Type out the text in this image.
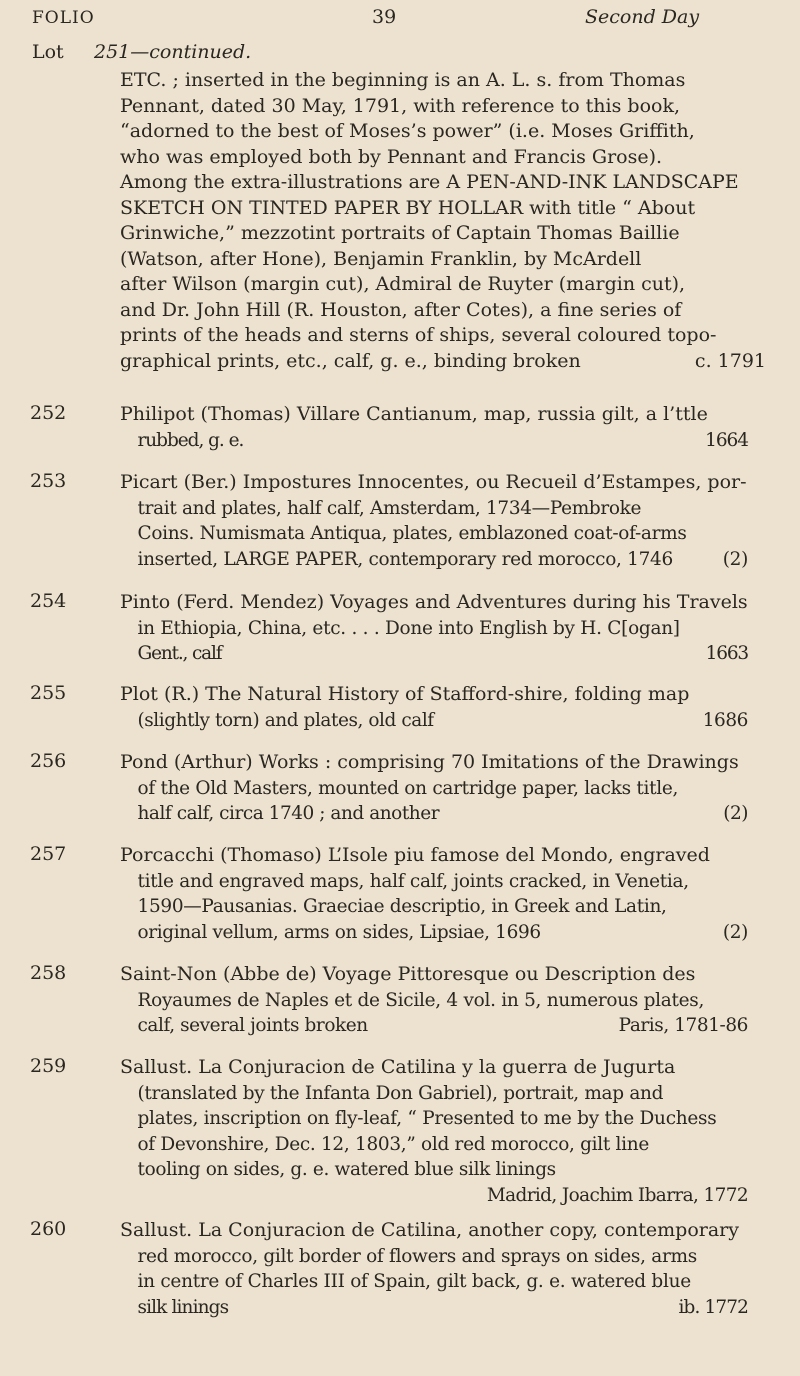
FOLIO	39	Second Day
Lot 251—continued.
ETC. ; inserted in the beginning is an A. L. s. from Thomas
Pennant, dated 30 May, 1791, with reference to this book,
“adorned to the best of Moses’s power” (i.e. Moses Griffith,
who was employed both by Pennant and Francis Grose).
Among the extra-illustrations are A PEN-AND-INK LANDSCAPE
SKETCH ON TINTED PAPER BY HOLLAR with title “ About
Grinwiche,” mezzotint portraits of Captain Thomas Baillie
(Watson, after Hone), Benjamin Franklin, by McArdell
after Wilson (margin cut), Admiral de Ruyter (margin cut),
and Dr. John Hill (R. Houston, after Cotes), a fine series of
prints of the heads and sterns of ships, several coloured topo-
graphical prints, etc., calf, g. e., binding broken	c. 1791
252	Philipot (Thomas) Villare Cantianum, map, russia gilt, a l’ttle
rubbed, g. e.	1664
253	Picart (Ber.) Impostures Innocentes, ou Recueil d’Estampes, por-
trait and plates, half calf, Amsterdam, 1734—Pembroke
Coins. Numismata Antiqua, plates, emblazoned coat-of-arms
inserted, LARGE PAPER, contemporary red morocco, 1746	(2)
254	Pinto (Ferd. Mendez) Voyages and Adventures during his Travels
in Ethiopia, China, etc. . . . Done into English by H. C[ogan]
Gent., calf	1663
255	Plot (R.) The Natural History of Stafford-shire, folding map
(slightly torn) and plates, old calf	1686
256	Pond (Arthur) Works : comprising 70 Imitations of the Drawings
of the Old Masters, mounted on cartridge paper, lacks title,
half calf, circa 1740 ; and another	(2)
257	Porcacchi (Thomaso) L’Isole piu famose del Mondo, engraved
title and engraved maps, half calf, joints cracked, in Venetia,
1590—Pausanias. Graeciae descriptio, in Greek and Latin,
original vellum, arms on sides, Lipsiae, 1696	(2)
258	Saint-Non (Abbe de) Voyage Pittoresque ou Description des
Royaumes de Naples et de Sicile, 4 vol. in 5, numerous plates,
calf, several joints broken	Paris, 1781-86
259	Sallust. La Conjuracion de Catilina y la guerra de Jugurta
(translated by the Infanta Don Gabriel), portrait, map and
plates, inscription on fly-leaf, “ Presented to me by the Duchess
of Devonshire, Dec. 12, 1803,” old red morocco, gilt line
tooling on sides, g. e. watered blue silk linings
Madrid, Joachim Ibarra, 1772
260	Sallust. La Conjuracion de Catilina, another copy, contemporary
red morocco, gilt border of flowers and sprays on sides, arms
in centre of Charles III of Spain, gilt back, g. e. watered blue
silk linings	ib. 1772
